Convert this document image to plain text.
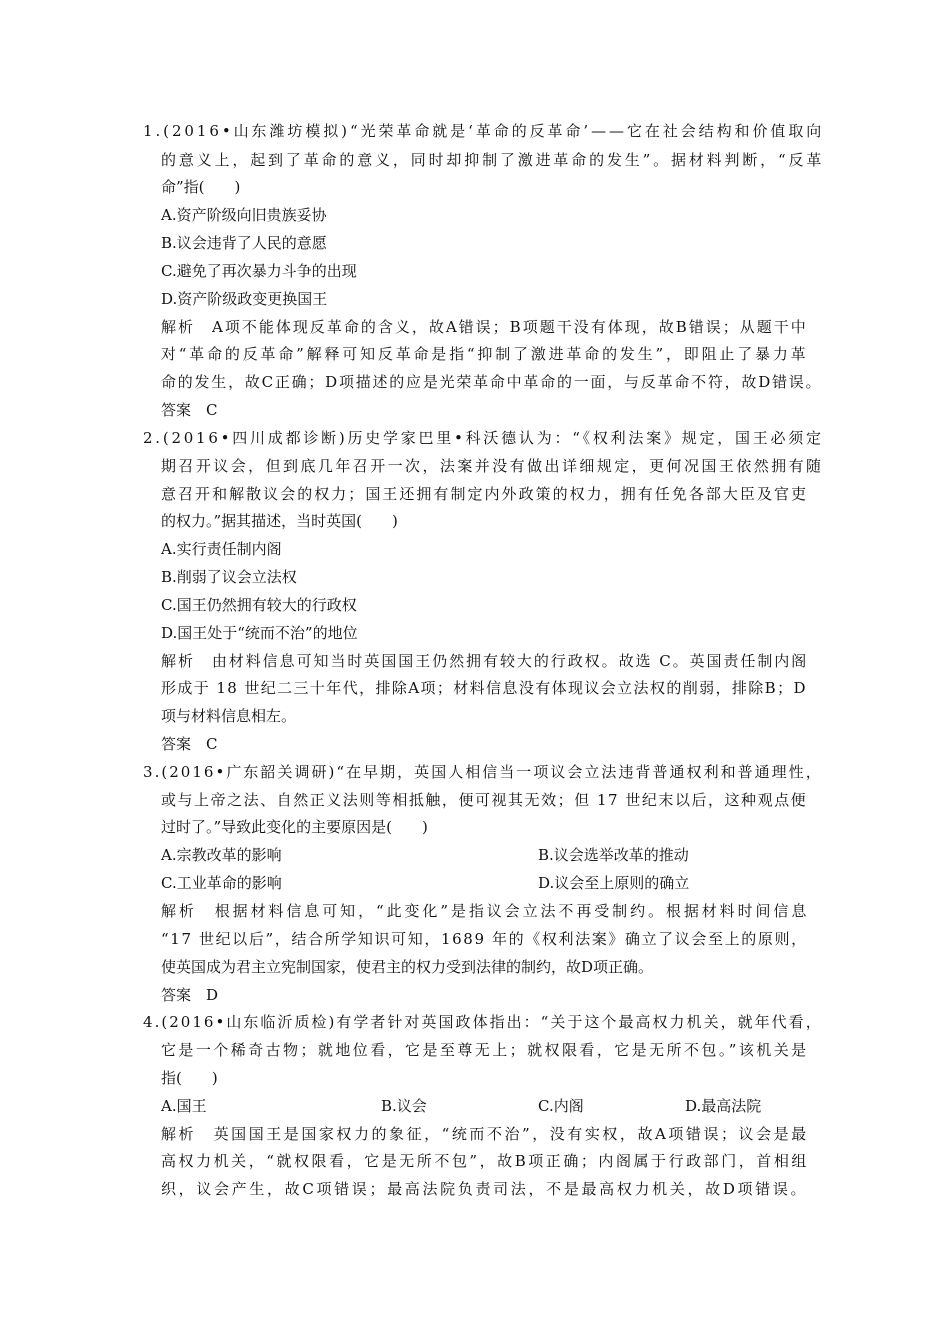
1.(2016•山东潍坊模拟)“光荣革命就是‘革命的反革命’——它在社会结构和价值取向
的意义上，起到了革命的意义，同时却抑制了激进革命的发生”。据材料判断，“反革
命”指(　　)
A.资产阶级向旧贵族妥协
B.议会违背了人民的意愿
C.避免了再次暴力斗争的出现
D.资产阶级政变更换国王
解析　A项不能体现反革命的含义，故A错误；B项题干没有体现，故B错误；从题干中
对“革命的反革命”解释可知反革命是指“抑制了激进革命的发生”，即阻止了暴力革
命的发生，故C正确；D项描述的应是光荣革命中革命的一面，与反革命不符，故D错误。
答案　C
2.(2016•四川成都诊断)历史学家巴里•科沃德认为：“《权利法案》规定，国王必须定
期召开议会，但到底几年召开一次，法案并没有做出详细规定，更何况国王依然拥有随
意召开和解散议会的权力；国王还拥有制定内外政策的权力，拥有任免各部大臣及官吏
的权力。”据其描述，当时英国(　　)
A.实行责任制内阁
B.削弱了议会立法权
C.国王仍然拥有较大的行政权
D.国王处于“统而不治”的地位
解析　由材料信息可知当时英国国王仍然拥有较大的行政权。故选 C。英国责任制内阁
形成于 18 世纪二三十年代，排除A项；材料信息没有体现议会立法权的削弱，排除B；D
项与材料信息相左。
答案　C
3.(2016•广东韶关调研)“在早期，英国人相信当一项议会立法违背普通权利和普通理性，
或与上帝之法、自然正义法则等相抵触，便可视其无效；但 17 世纪末以后，这种观点便
过时了。”导致此变化的主要原因是(　　)
A.宗教改革的影响	B.议会选举改革的推动
C.工业革命的影响	D.议会至上原则的确立
解析　根据材料信息可知，“此变化”是指议会立法不再受制约。根据材料时间信息
“17 世纪以后”，结合所学知识可知，1689 年的《权利法案》确立了议会至上的原则，
使英国成为君主立宪制国家，使君主的权力受到法律的制约，故D项正确。
答案　D
4.(2016•山东临沂质检)有学者针对英国政体指出：“关于这个最高权力机关，就年代看，
它是一个稀奇古物；就地位看，它是至尊无上；就权限看，它是无所不包。”该机关是
指(　　)
A.国王	B.议会	C.内阁	D.最高法院
解析　英国国王是国家权力的象征，“统而不治”，没有实权，故A项错误；议会是最
高权力机关，“就权限看，它是无所不包”，故B项正确；内阁属于行政部门，首相组
织，议会产生，故C项错误；最高法院负责司法，不是最高权力机关，故D项错误。
